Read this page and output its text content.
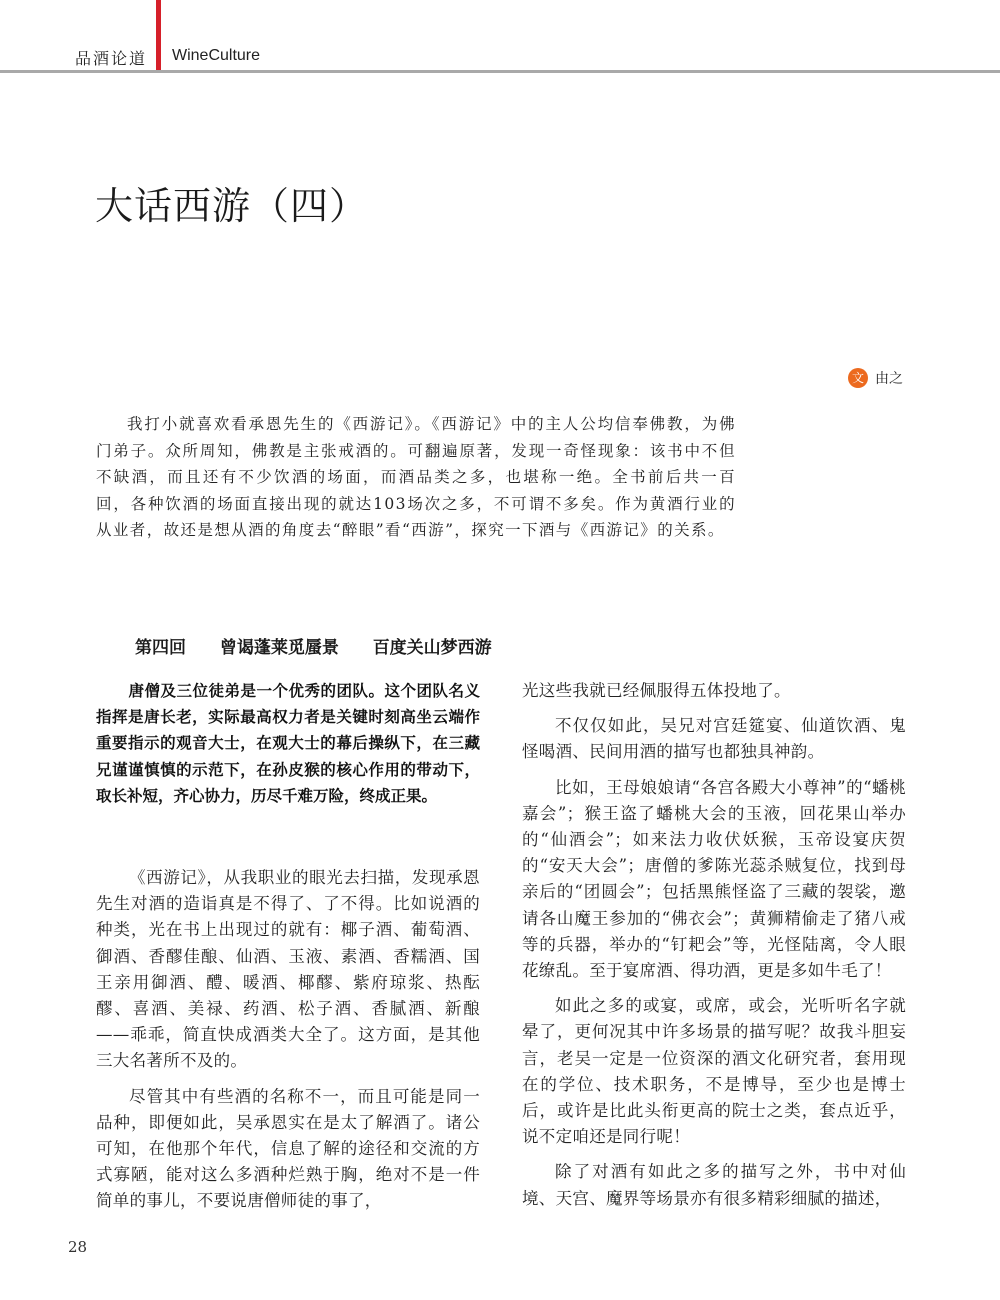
品酒论道 WineCulture
大话西游（四）
文 由之

我打小就喜欢看承恩先生的《西游记》。《西游记》中的主人公均信奉佛教，为佛门弟子。众所周知，佛教是主张戒酒的。可翻遍原著，发现一奇怪现象：该书中不但不缺酒，而且还有不少饮酒的场面，而酒品类之多，也堪称一绝。全书前后共一百回，各种饮酒的场面直接出现的就达103场次之多，不可谓不多矣。作为黄酒行业的从业者，故还是想从酒的角度去“醉眼”看“西游”，探究一下酒与《西游记》的关系。

第四回 曾谒蓬莱觅蜃景 百度关山梦西游

唐僧及三位徒弟是一个优秀的团队。这个团队名义指挥是唐长老，实际最高权力者是关键时刻高坐云端作重要指示的观音大士，在观大士的幕后操纵下，在三藏兄谨谨慎慎的示范下，在孙皮猴的核心作用的带动下，取长补短，齐心协力，历尽千难万险，终成正果。

《西游记》，从我职业的眼光去扫描，发现承恩先生对酒的造诣真是不得了、了不得。比如说酒的种类，光在书上出现过的就有：椰子酒、葡萄酒、御酒、香醪佳酿、仙酒、玉液、素酒、香糯酒、国王亲用御酒、醴、暖酒、椰醪、紫府琼浆、热酝醪、喜酒、美禄、药酒、松子酒、香腻酒、新酿——乖乖，简直快成酒类大全了。这方面，是其他三大名著所不及的。

尽管其中有些酒的名称不一，而且可能是同一品种，即便如此，吴承恩实在是太了解酒了。诸公可知，在他那个年代，信息了解的途径和交流的方式寡陋，能对这么多酒种烂熟于胸，绝对不是一件简单的事儿，不要说唐僧师徒的事了，

光这些我就已经佩服得五体投地了。

不仅仅如此，吴兄对宫廷筵宴、仙道饮酒、鬼怪喝酒、民间用酒的描写也都独具神韵。

比如，王母娘娘请“各宫各殿大小尊神”的“蟠桃嘉会”；猴王盗了蟠桃大会的玉液，回花果山举办的“仙酒会”；如来法力收伏妖猴，玉帝设宴庆贺的“安天大会”；唐僧的爹陈光蕊杀贼复位，找到母亲后的“团圆会”；包括黑熊怪盗了三藏的袈裟，邀请各山魔王参加的“佛衣会”；黄狮精偷走了猪八戒等的兵器，举办的“钉耙会”等，光怪陆离，令人眼花缭乱。至于宴席酒、得功酒，更是多如牛毛了！

如此之多的或宴，或席，或会，光听听名字就晕了，更何况其中许多场景的描写呢？故我斗胆妄言，老吴一定是一位资深的酒文化研究者，套用现在的学位、技术职务，不是博导，至少也是博士后，或许是比此头衔更高的院士之类，套点近乎，说不定咱还是同行呢！

除了对酒有如此之多的描写之外，书中对仙境、天宫、魔界等场景亦有很多精彩细腻的描述，

28
